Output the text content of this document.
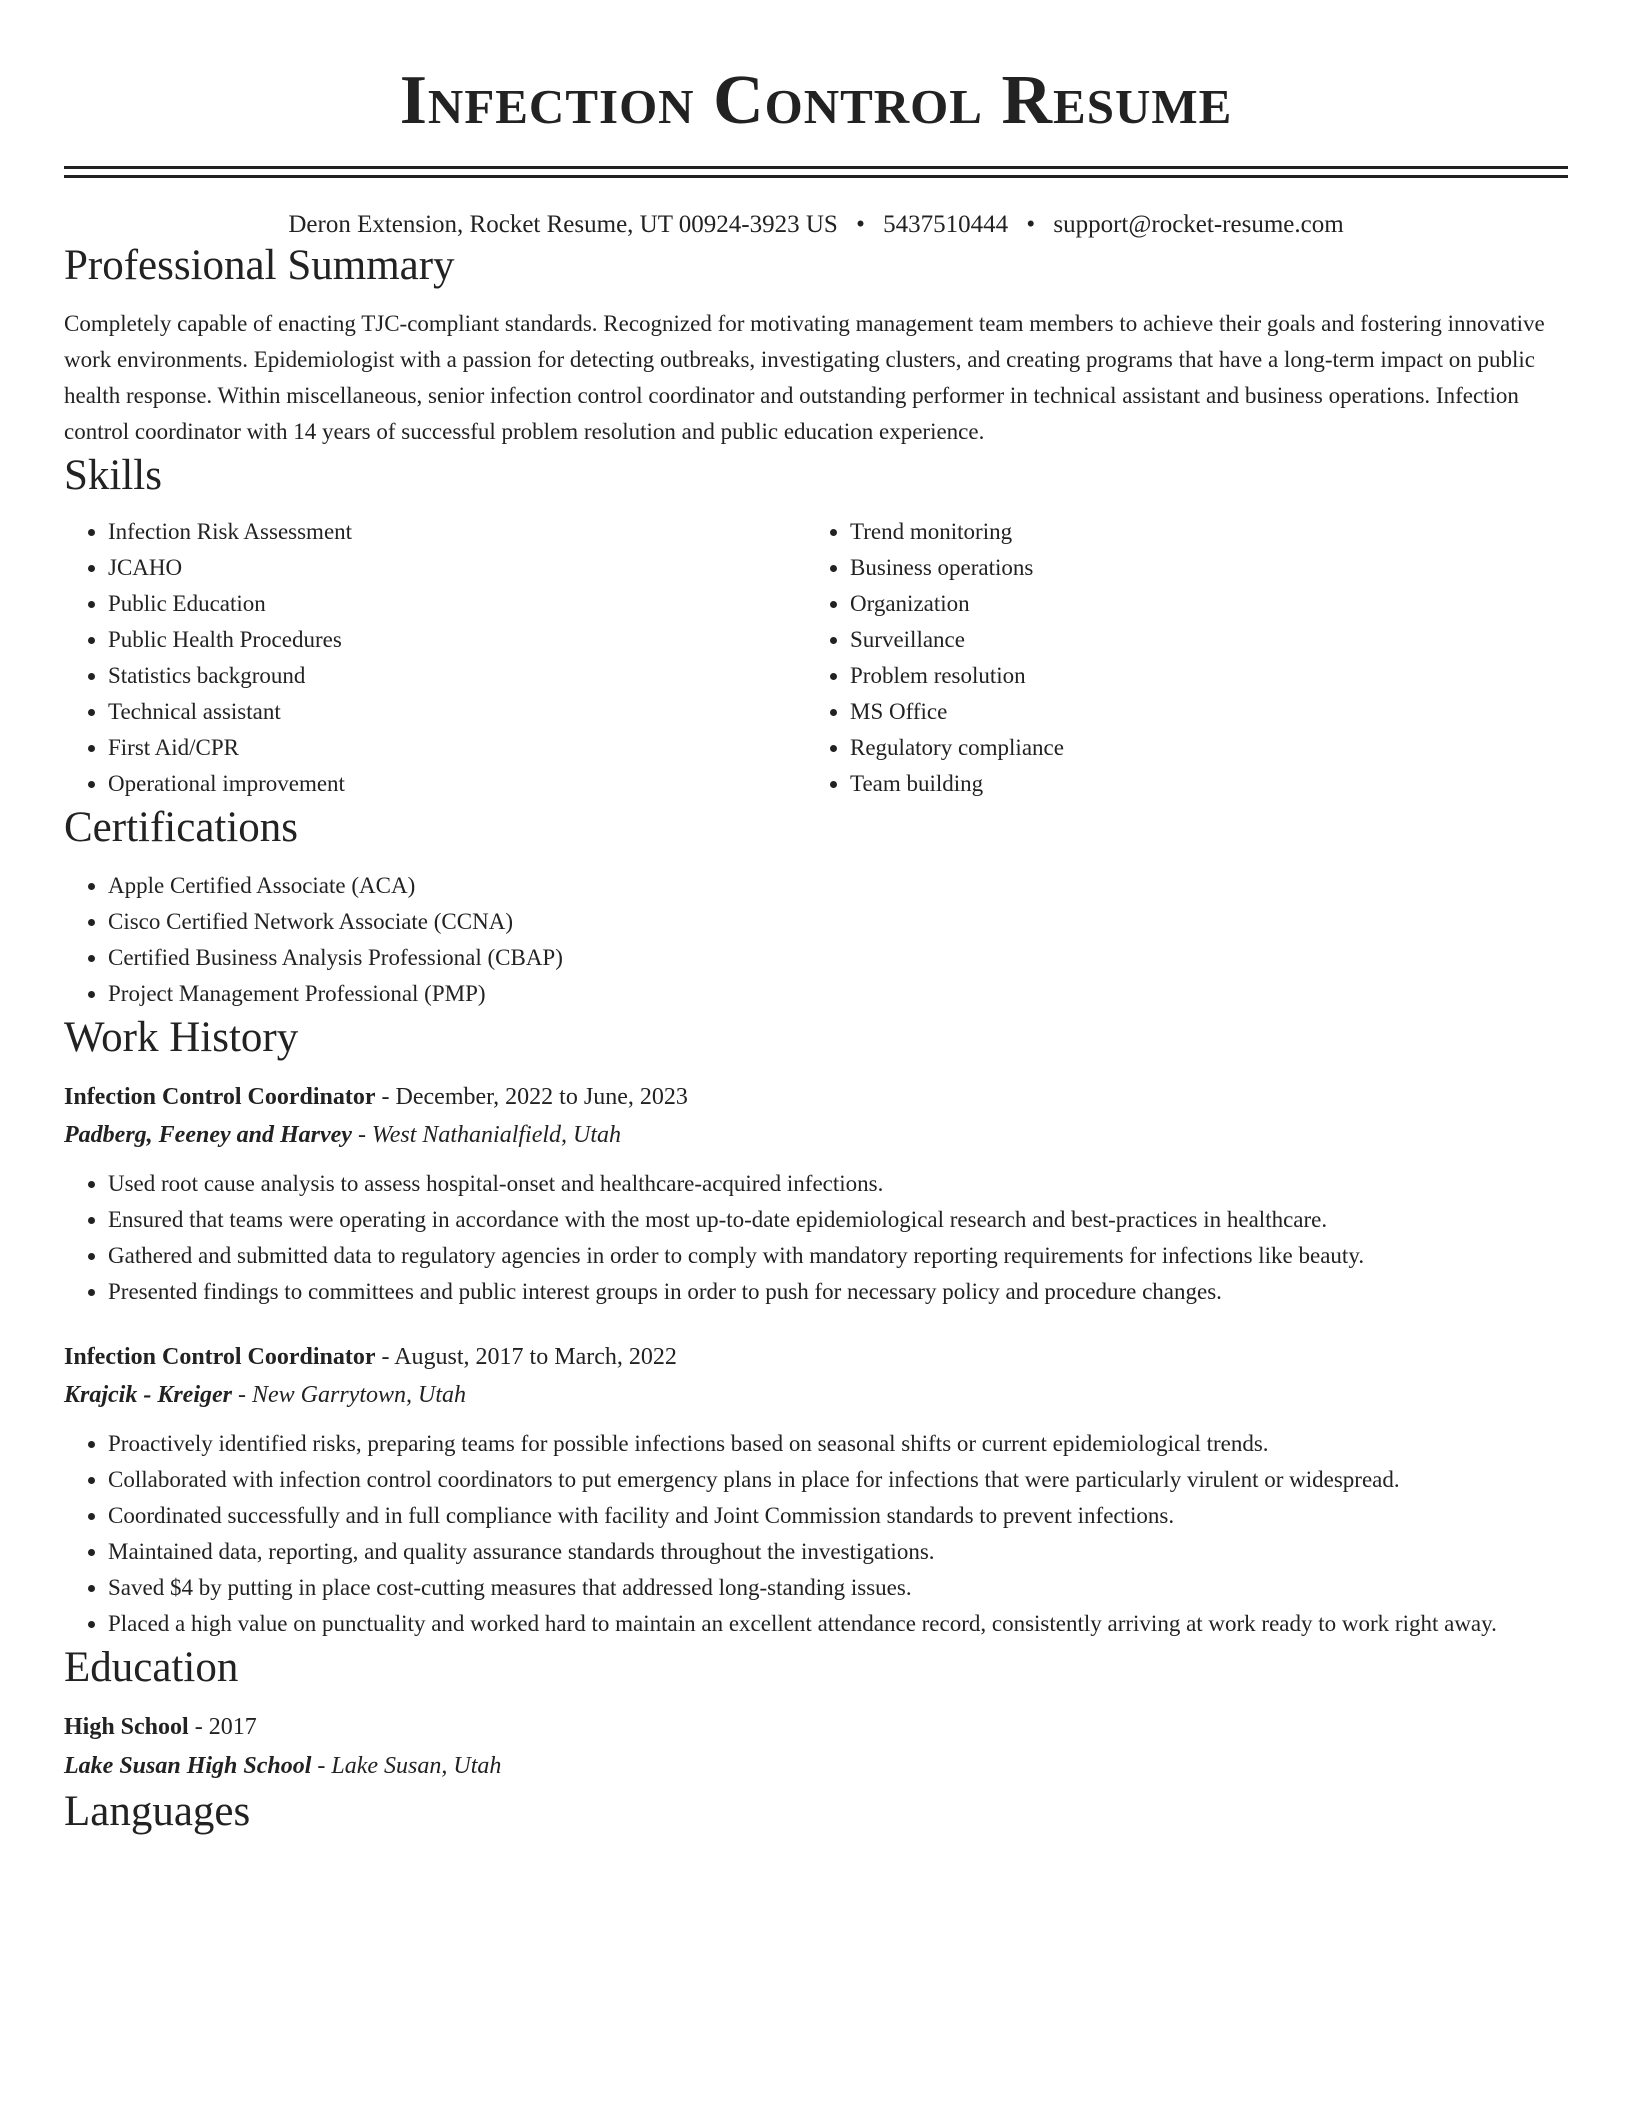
Infection Control Resume
Deron Extension, Rocket Resume, UT 00924-3923 US • 5437510444 • support@rocket-resume.com
Professional Summary

Completely capable of enacting TJC-compliant standards. Recognized for motivating management team members to achieve their goals and fostering innovative work environments. Epidemiologist with a passion for detecting outbreaks, investigating clusters, and creating programs that have a long-term impact on public health response. Within miscellaneous, senior infection control coordinator and outstanding performer in technical assistant and business operations. Infection control coordinator with 14 years of successful problem resolution and public education experience.

Skills
• Infection Risk Assessment
• JCAHO
• Public Education
• Public Health Procedures
• Statistics background
• Technical assistant
• First Aid/CPR
• Operational improvement
• Trend monitoring
• Business operations
• Organization
• Surveillance
• Problem resolution
• MS Office
• Regulatory compliance
• Team building
Certifications
• Apple Certified Associate (ACA)
• Cisco Certified Network Associate (CCNA)
• Certified Business Analysis Professional (CBAP)
• Project Management Professional (PMP)
Work History
Infection Control Coordinator - December, 2022 to June, 2023
Padberg, Feeney and Harvey - West Nathanialfield, Utah
• Used root cause analysis to assess hospital-onset and healthcare-acquired infections.
• Ensured that teams were operating in accordance with the most up-to-date epidemiological research and best-practices in healthcare.
• Gathered and submitted data to regulatory agencies in order to comply with mandatory reporting requirements for infections like beauty.
• Presented findings to committees and public interest groups in order to push for necessary policy and procedure changes.
Infection Control Coordinator - August, 2017 to March, 2022
Krajcik - Kreiger - New Garrytown, Utah
• Proactively identified risks, preparing teams for possible infections based on seasonal shifts or current epidemiological trends.
• Collaborated with infection control coordinators to put emergency plans in place for infections that were particularly virulent or widespread.
• Coordinated successfully and in full compliance with facility and Joint Commission standards to prevent infections.
• Maintained data, reporting, and quality assurance standards throughout the investigations.
• Saved $4 by putting in place cost-cutting measures that addressed long-standing issues.
• Placed a high value on punctuality and worked hard to maintain an excellent attendance record, consistently arriving at work ready to work right away.
Education
High School - 2017
Lake Susan High School - Lake Susan, Utah
Languages
